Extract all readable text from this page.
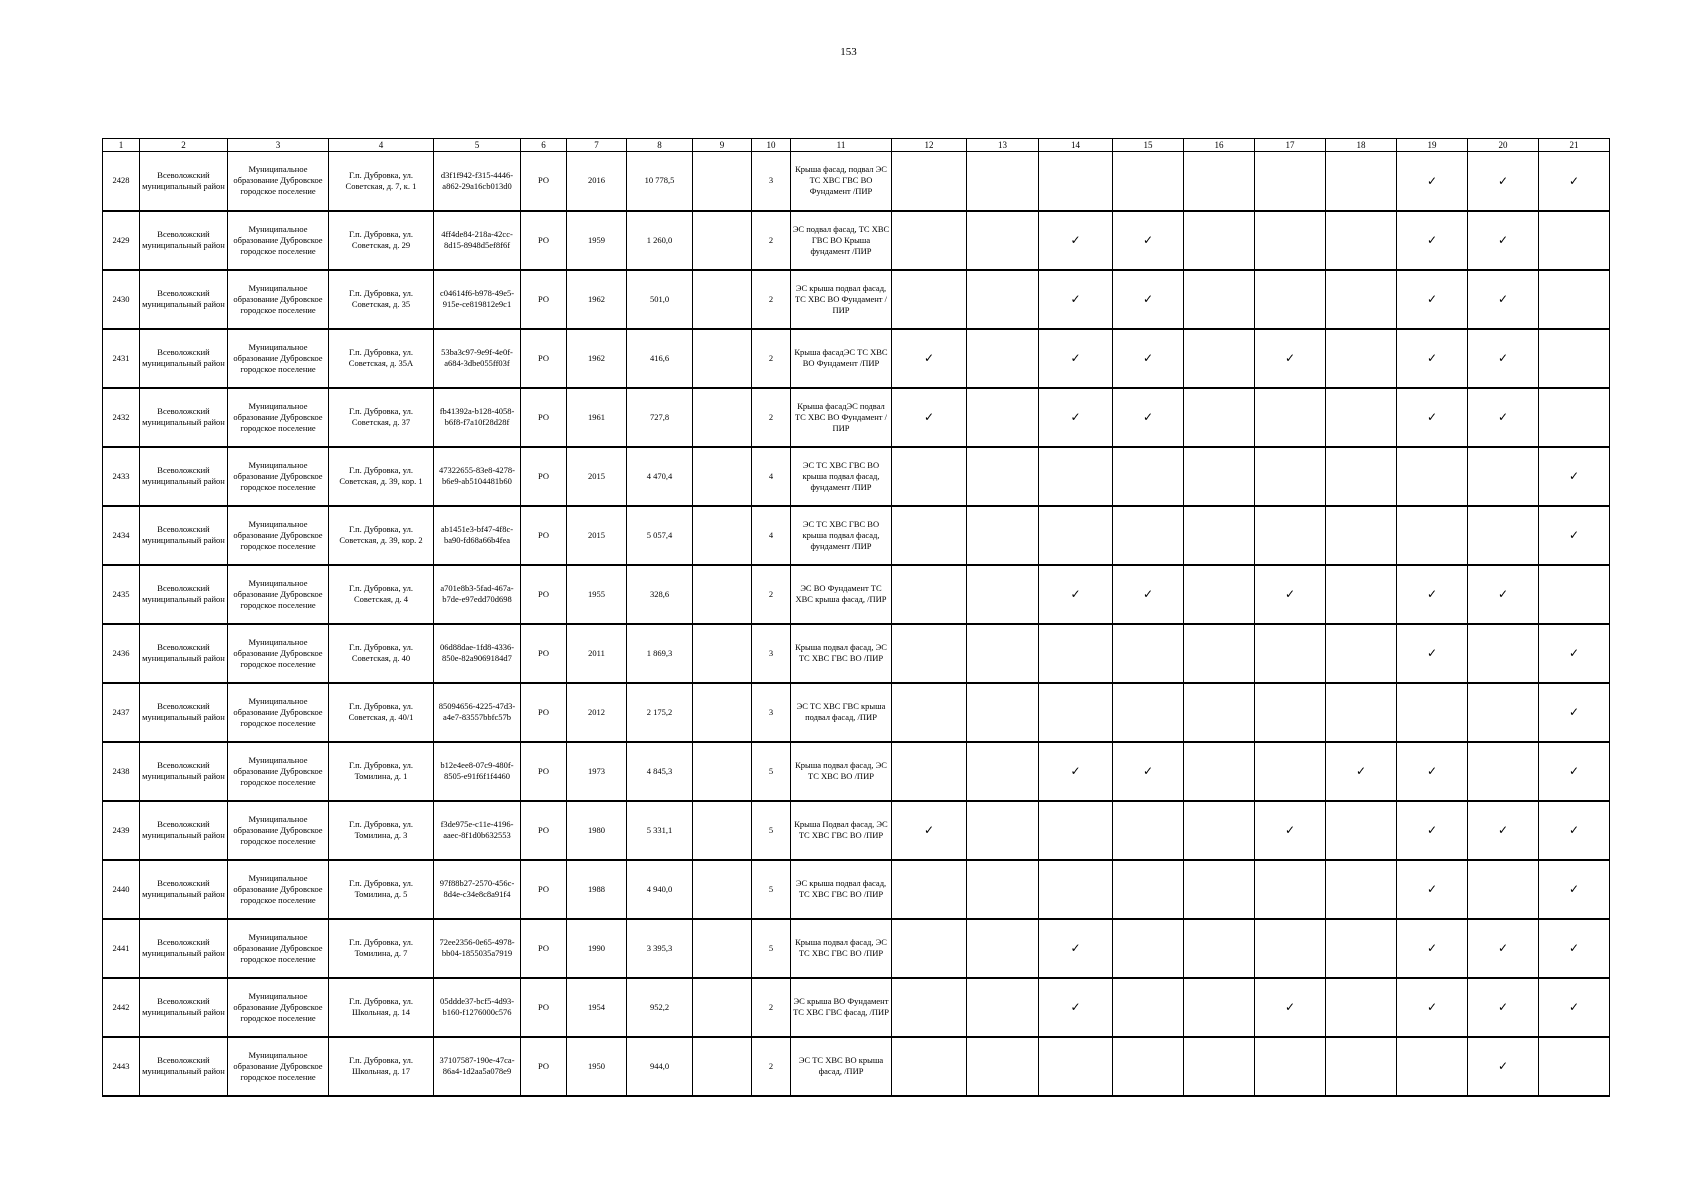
153
1	2	3	4	5	6	7	8	9	10	11	12	13	14	15	16	17	18	19	20	21
2428	Всеволожский муниципальный район	Муниципальное образование Дубровское городское поселение	Г.п. Дубровка, ул. Советская, д. 7, к. 1	d3f1f942-f315-4446-a862-29a16cb013d0	РО	2016	10 778,5		3	Крыша фасад, подвал ЭС ТС ХВС ГВС ВО Фундамент /ПИР								✓	✓	✓
2429	Всеволожский муниципальный район	Муниципальное образование Дубровское городское поселение	Г.п. Дубровка, ул. Советская, д. 29	4ff4de84-218a-42cc-8d15-8948d5ef8f6f	РО	1959	1 260,0		2	ЭС подвал фасад, ТС ХВС ГВС ВО Крыша фундамент /ПИР			✓	✓				✓	✓	
2430	Всеволожский муниципальный район	Муниципальное образование Дубровское городское поселение	Г.п. Дубровка, ул. Советская, д. 35	c04614f6-b978-49e5-915e-ce819812e9c1	РО	1962	501,0		2	ЭС крыша подвал фасад, ТС ХВС ВО Фундамент /ПИР			✓	✓				✓	✓	
2431	Всеволожский муниципальный район	Муниципальное образование Дубровское городское поселение	Г.п. Дубровка, ул. Советская, д. 35А	53ba3c97-9e9f-4e0f-a684-3dbe055ff03f	РО	1962	416,6		2	Крыша фасадЭС ТС ХВС ВО Фундамент /ПИР	✓		✓	✓		✓		✓	✓	
2432	Всеволожский муниципальный район	Муниципальное образование Дубровское городское поселение	Г.п. Дубровка, ул. Советская, д. 37	fb41392a-b128-4058-b6f8-f7a10f28d28f	РО	1961	727,8		2	Крыша фасадЭС подвал ТС ХВС ВО Фундамент /ПИР	✓		✓	✓				✓	✓	
2433	Всеволожский муниципальный район	Муниципальное образование Дубровское городское поселение	Г.п. Дубровка, ул. Советская, д. 39, кор. 1	47322655-83e8-4278-b6e9-ab5104481b60	РО	2015	4 470,4		4	ЭС ТС ХВС ГВС ВО крыша подвал фасад, фундамент /ПИР										✓
2434	Всеволожский муниципальный район	Муниципальное образование Дубровское городское поселение	Г.п. Дубровка, ул. Советская, д. 39, кор. 2	ab1451e3-bf47-4f8c-ba90-fd68a66b4fea	РО	2015	5 057,4		4	ЭС ТС ХВС ГВС ВО крыша подвал фасад, фундамент /ПИР										✓
2435	Всеволожский муниципальный район	Муниципальное образование Дубровское городское поселение	Г.п. Дубровка, ул. Советская, д. 4	a701e8b3-5fad-467a-b7de-e97edd70d698	РО	1955	328,6		2	ЭС ВО Фундамент ТС ХВС крыша фасад, /ПИР			✓	✓		✓		✓	✓	
2436	Всеволожский муниципальный район	Муниципальное образование Дубровское городское поселение	Г.п. Дубровка, ул. Советская, д. 40	06d88dae-1fd8-4336-850e-82a9069184d7	РО	2011	1 869,3		3	Крыша подвал фасад, ЭС ТС ХВС ГВС ВО /ПИР								✓		✓
2437	Всеволожский муниципальный район	Муниципальное образование Дубровское городское поселение	Г.п. Дубровка, ул. Советская, д. 40/1	85094656-4225-47d3-a4e7-83557bbfc57b	РО	2012	2 175,2		3	ЭС ТС ХВС ГВС крыша подвал фасад, /ПИР										✓
2438	Всеволожский муниципальный район	Муниципальное образование Дубровское городское поселение	Г.п. Дубровка, ул. Томилина, д. 1	b12e4ee8-07c9-480f-8505-e91f6f1f4460	РО	1973	4 845,3		5	Крыша подвал фасад, ЭС ТС ХВС ВО /ПИР			✓	✓			✓	✓		✓
2439	Всеволожский муниципальный район	Муниципальное образование Дубровское городское поселение	Г.п. Дубровка, ул. Томилина, д. 3	f3de975e-c11e-4196-aaec-8f1d0b632553	РО	1980	5 331,1		5	Крыша Подвал фасад, ЭС ТС ХВС ГВС ВО /ПИР	✓					✓		✓	✓	✓
2440	Всеволожский муниципальный район	Муниципальное образование Дубровское городское поселение	Г.п. Дубровка, ул. Томилина, д. 5	97f88b27-2570-456c-8d4e-c34e8c8a91f4	РО	1988	4 940,0		5	ЭС крыша подвал фасад, ТС ХВС ГВС ВО /ПИР								✓		✓
2441	Всеволожский муниципальный район	Муниципальное образование Дубровское городское поселение	Г.п. Дубровка, ул. Томилина, д. 7	72ee2356-0e65-4978-bb04-1855035a7919	РО	1990	3 395,3		5	Крыша подвал фасад, ЭС ТС ХВС ГВС ВО /ПИР			✓					✓	✓	✓
2442	Всеволожский муниципальный район	Муниципальное образование Дубровское городское поселение	Г.п. Дубровка, ул. Школьная, д. 14	05ddde37-bcf5-4d93-b160-f1276000c576	РО	1954	952,2		2	ЭС крыша ВО Фундамент ТС ХВС ГВС фасад, /ПИР			✓			✓		✓	✓	✓
2443	Всеволожский муниципальный район	Муниципальное образование Дубровское городское поселение	Г.п. Дубровка, ул. Школьная, д. 17	37107587-190e-47ca-86a4-1d2aa5a078e9	РО	1950	944,0		2	ЭС ТС ХВС ВО крыша фасад, /ПИР									✓	
